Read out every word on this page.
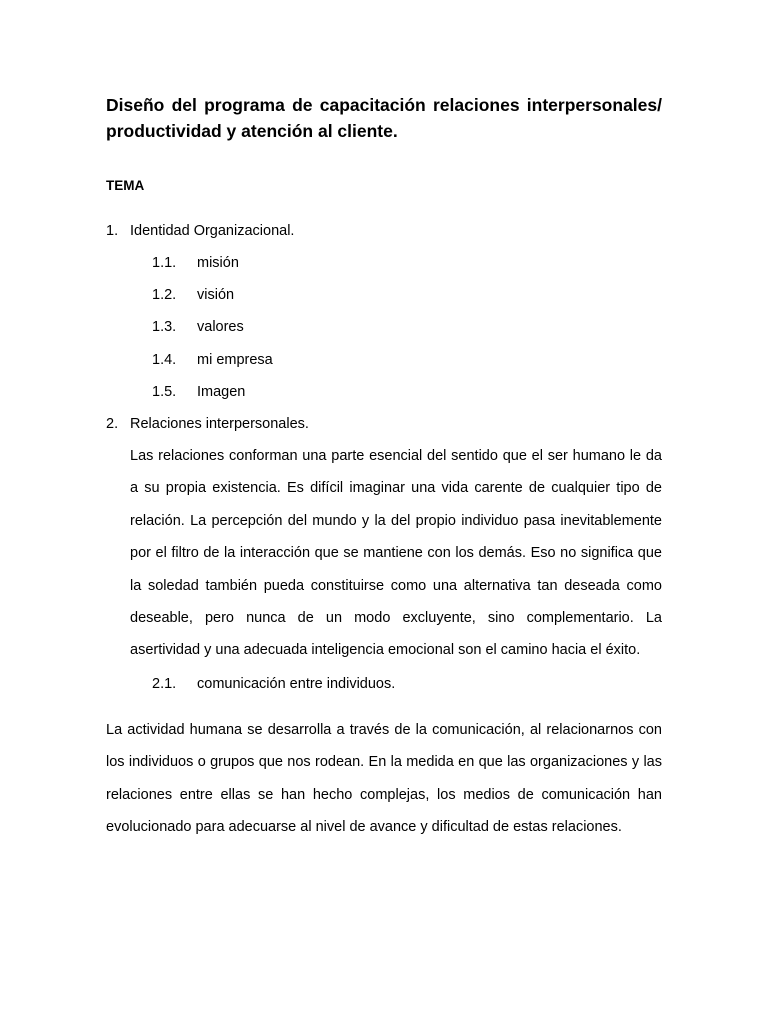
Diseño del programa de capacitación relaciones interpersonales/ productividad y atención al cliente.
TEMA
1. Identidad Organizacional.
1.1. misión
1.2. visión
1.3. valores
1.4. mi empresa
1.5. Imagen
2. Relaciones interpersonales.

Las relaciones conforman una parte esencial del sentido que el ser humano le da a su propia existencia. Es difícil imaginar una vida carente de cualquier tipo de relación. La percepción del mundo y la del propio individuo pasa inevitablemente por el filtro de la interacción que se mantiene con los demás. Eso no significa que la soledad también pueda constituirse como una alternativa tan deseada como deseable, pero nunca de un modo excluyente, sino complementario. La asertividad y una adecuada inteligencia emocional son el camino hacia el éxito.

2.1. comunicación entre individuos.

La actividad humana se desarrolla a través de la comunicación, al relacionarnos con los individuos o grupos que nos rodean. En la medida en que las organizaciones y las relaciones entre ellas se han hecho complejas, los medios de comunicación han evolucionado para adecuarse al nivel de avance y dificultad de estas relaciones.
